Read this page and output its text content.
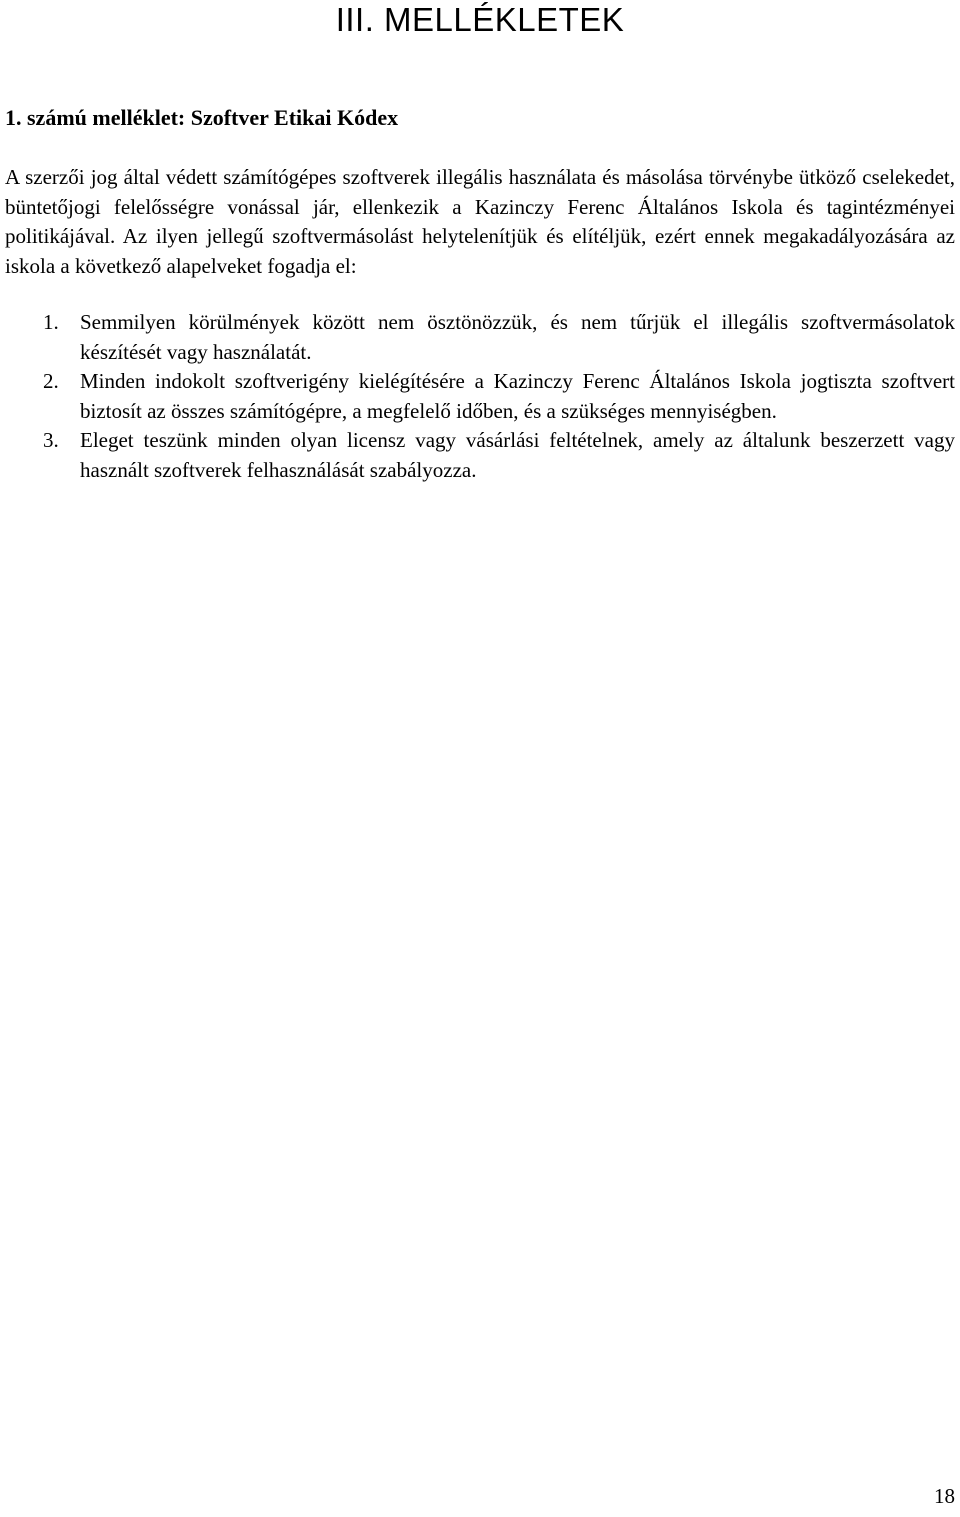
III. MELLÉKLETEK
1. számú melléklet: Szoftver Etikai Kódex

A szerzői jog által védett számítógépes szoftverek illegális használata és másolása törvénybe ütköző cselekedet, büntetőjogi felelősségre vonással jár, ellenkezik a Kazinczy Ferenc Általános Iskola és tagintézményei politikájával. Az ilyen jellegű szoftvermásolást helytelenítjük és elítéljük, ezért ennek megakadályozására az iskola a következő alapelveket fogadja el:

1. Semmilyen körülmények között nem ösztönözzük, és nem tűrjük el illegális szoftvermásolatok készítését vagy használatát.
2. Minden indokolt szoftverigény kielégítésére a Kazinczy Ferenc Általános Iskola jogtiszta szoftvert biztosít az összes számítógépre, a megfelelő időben, és a szükséges mennyiségben.
3. Eleget teszünk minden olyan licensz vagy vásárlási feltételnek, amely az általunk beszerzett vagy használt szoftverek felhasználását szabályozza.
18
